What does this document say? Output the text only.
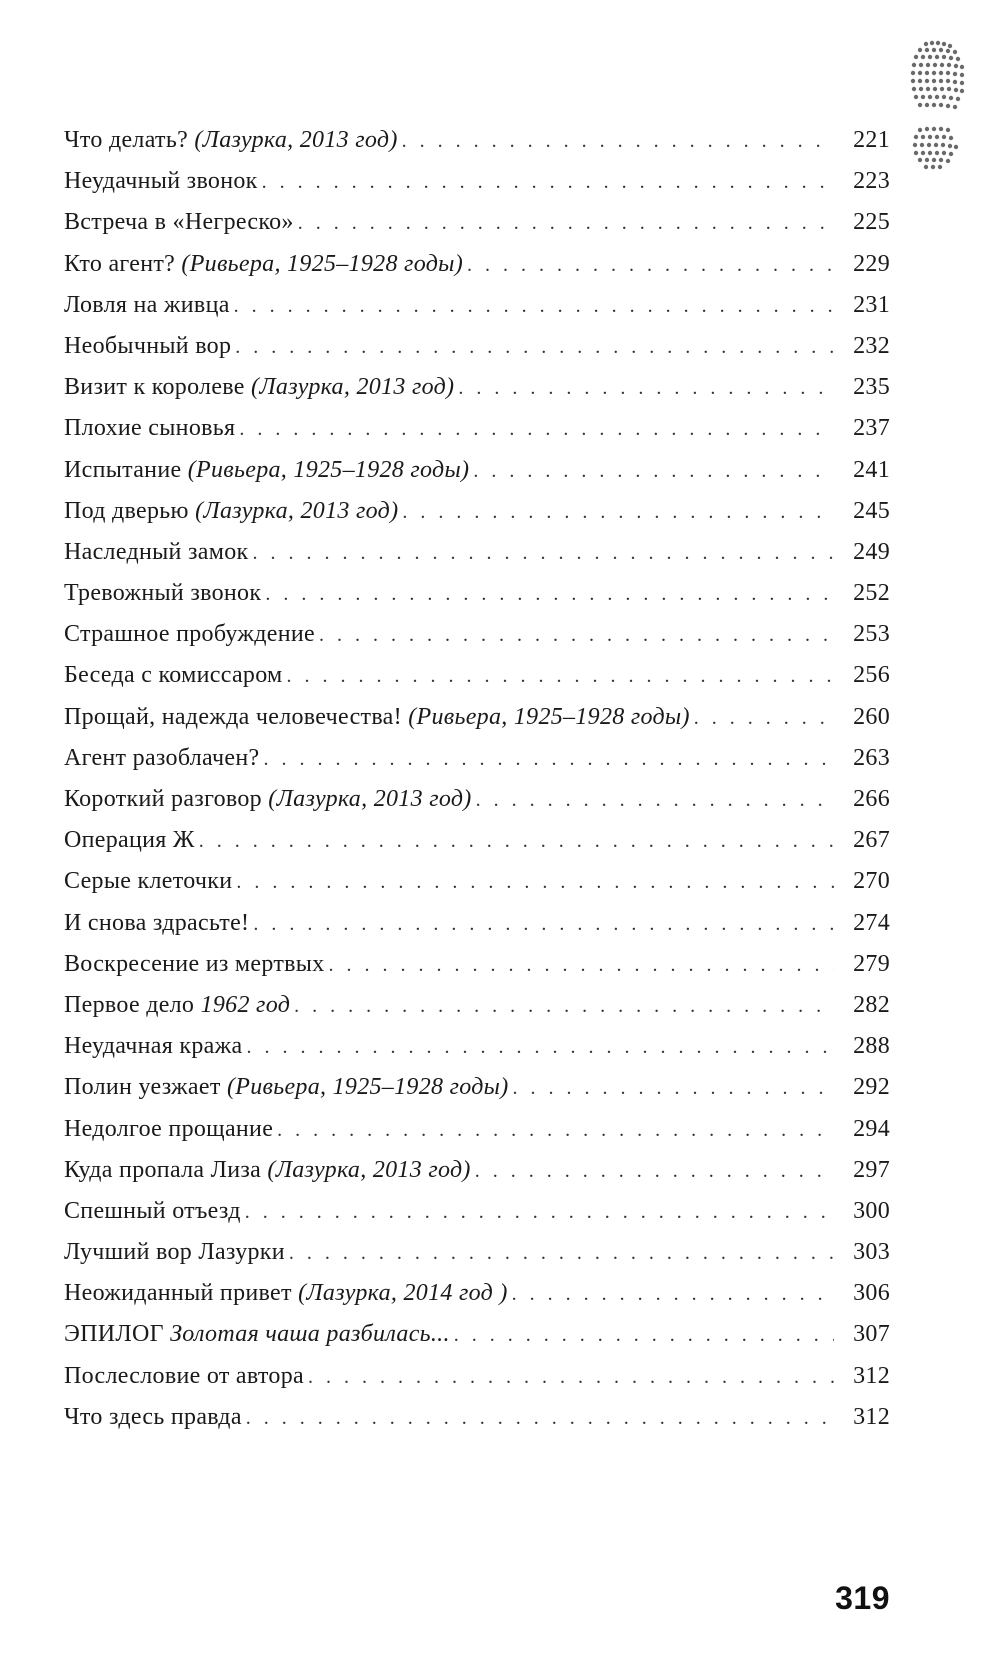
Что делать? (Лазурка, 2013 год) . . .	221
Неудачный звонок . . .	223
Встреча в «Негреско» . . .	225
Кто агент? (Ривьера, 1925–1928 годы) . . .	229
Ловля на живца . . .	231
Необычный вор . . .	232
Визит к королеве (Лазурка, 2013 год) . . .	235
Плохие сыновья . . .	237
Испытание (Ривьера, 1925–1928 годы) . . .	241
Под дверью (Лазурка, 2013 год) . . .	245
Наследный замок . . .	249
Тревожный звонок . . .	252
Страшное пробуждение . . .	253
Беседа с комиссаром . . .	256
Прощай, надежда человечества! (Ривьера, 1925–1928 годы) . . .	260
Агент разоблачен? . . .	263
Короткий разговор (Лазурка, 2013 год) . . .	266
Операция Ж . . .	267
Серые клеточки . . .	270
И снова здрасьте! . . .	274
Воскресение из мертвых . . .	279
Первое дело 1962 год . . .	282
Неудачная кража . . .	288
Полин уезжает (Ривьера, 1925–1928 годы) . . .	292
Недолгое прощание . . .	294
Куда пропала Лиза (Лазурка, 2013 год) . . .	297
Спешный отъезд . . .	300
Лучший вор Лазурки . . .	303
Неожиданный привет (Лазурка, 2014 год ) . . .	306
ЭПИЛОГ Золотая чаша разбилась... . . .	307
Послесловие от автора . . .	312
Что здесь правда . . .	312
319
